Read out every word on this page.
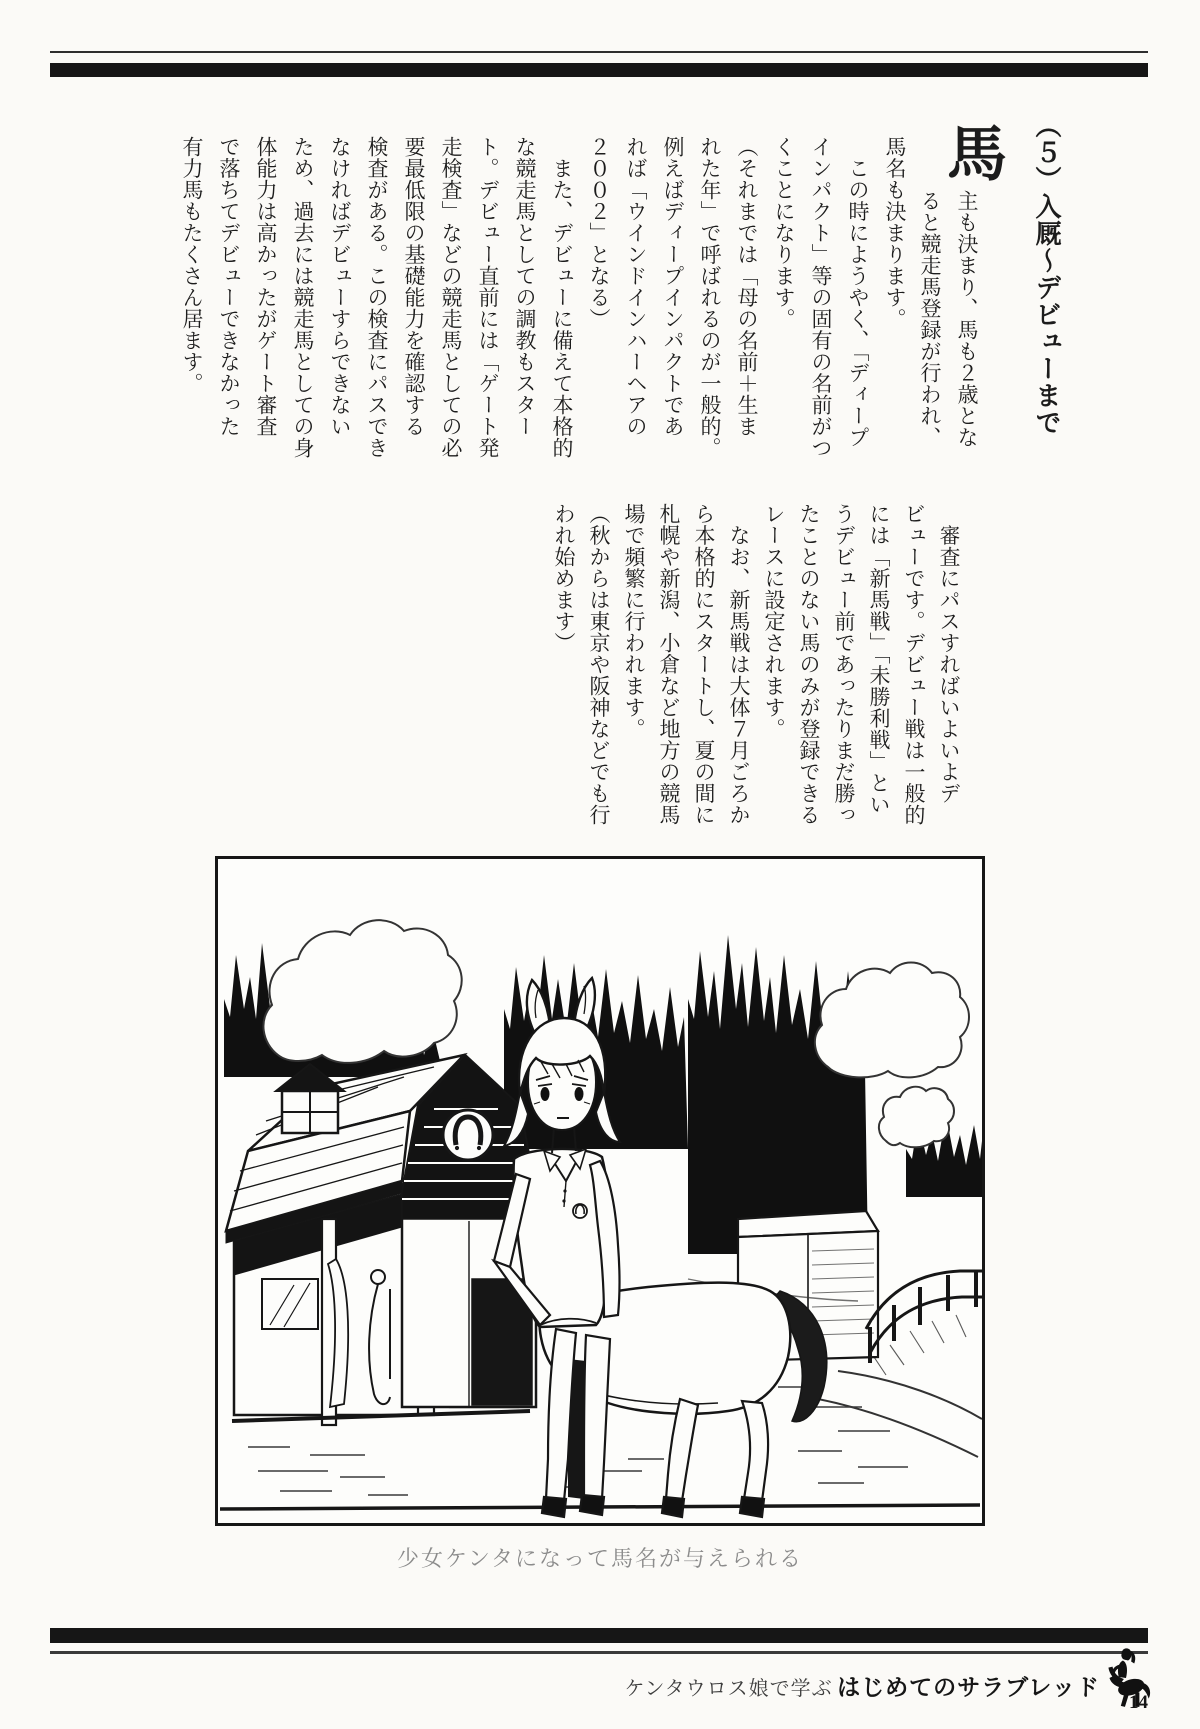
（５）入厩〜デビューまで
馬

主も決まり、馬も２歳とな

ると競走馬登録が行われ、

馬名も決まります。

　この時にようやく、「ディープ

インパクト」等の固有の名前がつ

くことになります。

（それまでは「母の名前＋生ま

れた年」で呼ばれるのが一般的。

例えばディープインパクトであ

れば「ウインドインハーヘアの

２００２」となる）

　また、デビューに備えて本格的

な競走馬としての調教もスター

ト。デビュー直前には「ゲート発

走検査」などの競走馬としての必

要最低限の基礎能力を確認する

検査がある。この検査にパスでき

なければデビューすらできない

ため、過去には競走馬としての身

体能力は高かったがゲート審査

で落ちてデビューできなかった

有力馬もたくさん居ます。

　審査にパスすればいよいよデ

ビューです。デビュー戦は一般的

には「新馬戦」「未勝利戦」とい

うデビュー前であったりまだ勝っ

たことのない馬のみが登録できる

レースに設定されます。

　なお、新馬戦は大体７月ごろか

ら本格的にスタートし、夏の間に

札幌や新潟、小倉など地方の競馬

場で頻繁に行われます。

（秋からは東京や阪神などでも行

われ始めます）

少女ケンタになって馬名が与えられる
ケンタウロス娘で学ぶ はじめてのサラブレッド
14
